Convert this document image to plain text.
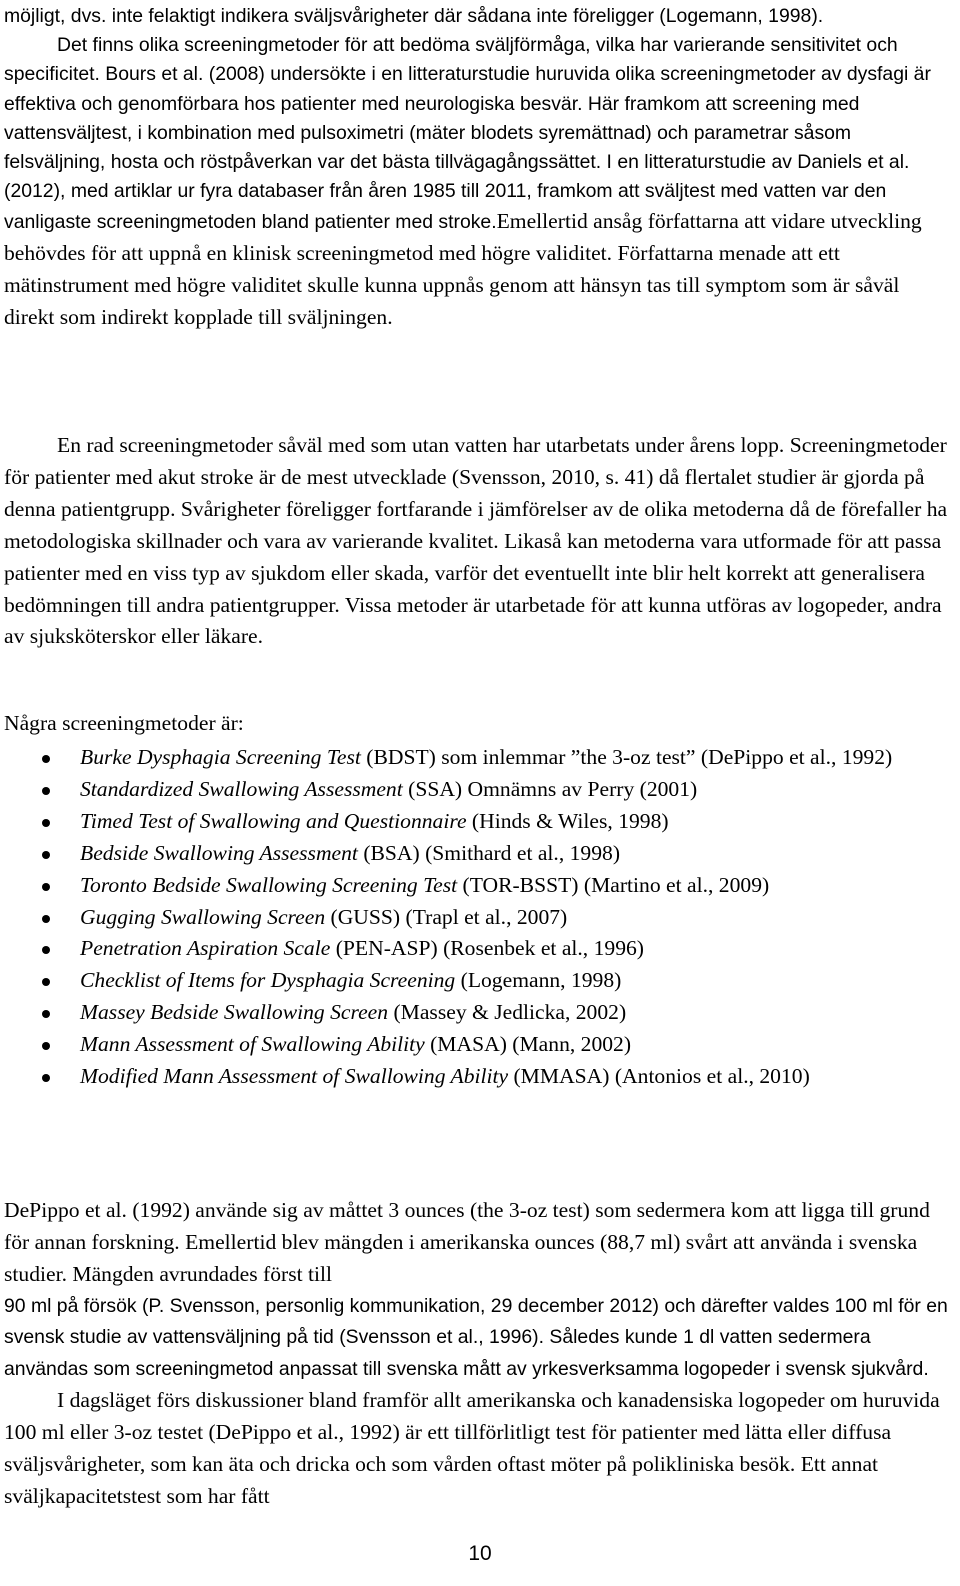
möjligt, dvs. inte felaktigt indikera sväljsvårigheter där sådana inte föreligger (Logemann, 1998).

Det finns olika screeningmetoder för att bedöma sväljförmåga, vilka har varierande sensitivitet och specificitet. Bours et al. (2008) undersökte i en litteraturstudie huruvida olika screeningmetoder av dysfagi är effektiva och genomförbara hos patienter med neurologiska besvär. Här framkom att screening med vattensväljtest, i kombination med pulsoximetri (mäter blodets syremättnad) och parametrar såsom felsväljning, hosta och röstpåverkan var det bästa tillvägagångssättet. I en litteraturstudie av Daniels et al. (2012), med artiklar ur fyra databaser från åren 1985 till 2011, framkom att sväljtest med vatten var den vanligaste screeningmetoden bland patienter med stroke.Emellertid ansåg författarna att vidare utveckling behövdes för att uppnå en klinisk screeningmetod med högre validitet. Författarna menade att ett mätinstrument med högre validitet skulle kunna uppnås genom att hänsyn tas till symptom som är såväl direkt som indirekt kopplade till sväljningen.

En rad screeningmetoder såväl med som utan vatten har utarbetats under årens lopp. Screeningmetoder för patienter med akut stroke är de mest utvecklade (Svensson, 2010, s. 41) då flertalet studier är gjorda på denna patientgrupp. Svårigheter föreligger fortfarande i jämförelser av de olika metoderna då de förefaller ha metodologiska skillnader och vara av varierande kvalitet. Likaså kan metoderna vara utformade för att passa patienter med en viss typ av sjukdom eller skada, varför det eventuellt inte blir helt korrekt att generalisera bedömningen till andra patientgrupper. Vissa metoder är utarbetade för att kunna utföras av logopeder, andra av sjuksköterskor eller läkare.

Några screeningmetoder är:

Burke Dysphagia Screening Test (BDST) som inlemmar ”the 3-oz test” (DePippo et al., 1992)
Standardized Swallowing Assessment (SSA) Omnämns av Perry (2001)
Timed Test of Swallowing and Questionnaire (Hinds & Wiles, 1998)
Bedside Swallowing Assessment (BSA) (Smithard et al., 1998)
Toronto Bedside Swallowing Screening Test (TOR-BSST) (Martino et al., 2009)
Gugging Swallowing Screen (GUSS) (Trapl et al., 2007)
Penetration Aspiration Scale (PEN-ASP) (Rosenbek et al., 1996)
Checklist of Items for Dysphagia Screening (Logemann, 1998)
Massey Bedside Swallowing Screen (Massey & Jedlicka, 2002)
Mann Assessment of Swallowing Ability (MASA) (Mann, 2002)
Modified Mann Assessment of Swallowing Ability (MMASA) (Antonios et al., 2010)

DePippo et al. (1992) använde sig av måttet 3 ounces (the 3-oz test) som sedermera kom att ligga till grund för annan forskning. Emellertid blev mängden i amerikanska ounces (88,7 ml) svårt att använda i svenska studier. Mängden avrundades först till

90 ml på försök (P. Svensson, personlig kommunikation, 29 december 2012) och därefter valdes 100 ml för en svensk studie av vattensväljning på tid (Svensson et al., 1996). Således kunde 1 dl vatten sedermera användas som screeningmetod anpassat till svenska mått av yrkesverksamma logopeder i svensk sjukvård.

I dagsläget förs diskussioner bland framför allt amerikanska och kanadensiska logopeder om huruvida 100 ml eller 3-oz testet (DePippo et al., 1992) är ett tillförlitligt test för patienter med lätta eller diffusa sväljsvårigheter, som kan äta och dricka och som vården oftast möter på polikliniska besök. Ett annat sväljkapacitetstest som har fått

10
